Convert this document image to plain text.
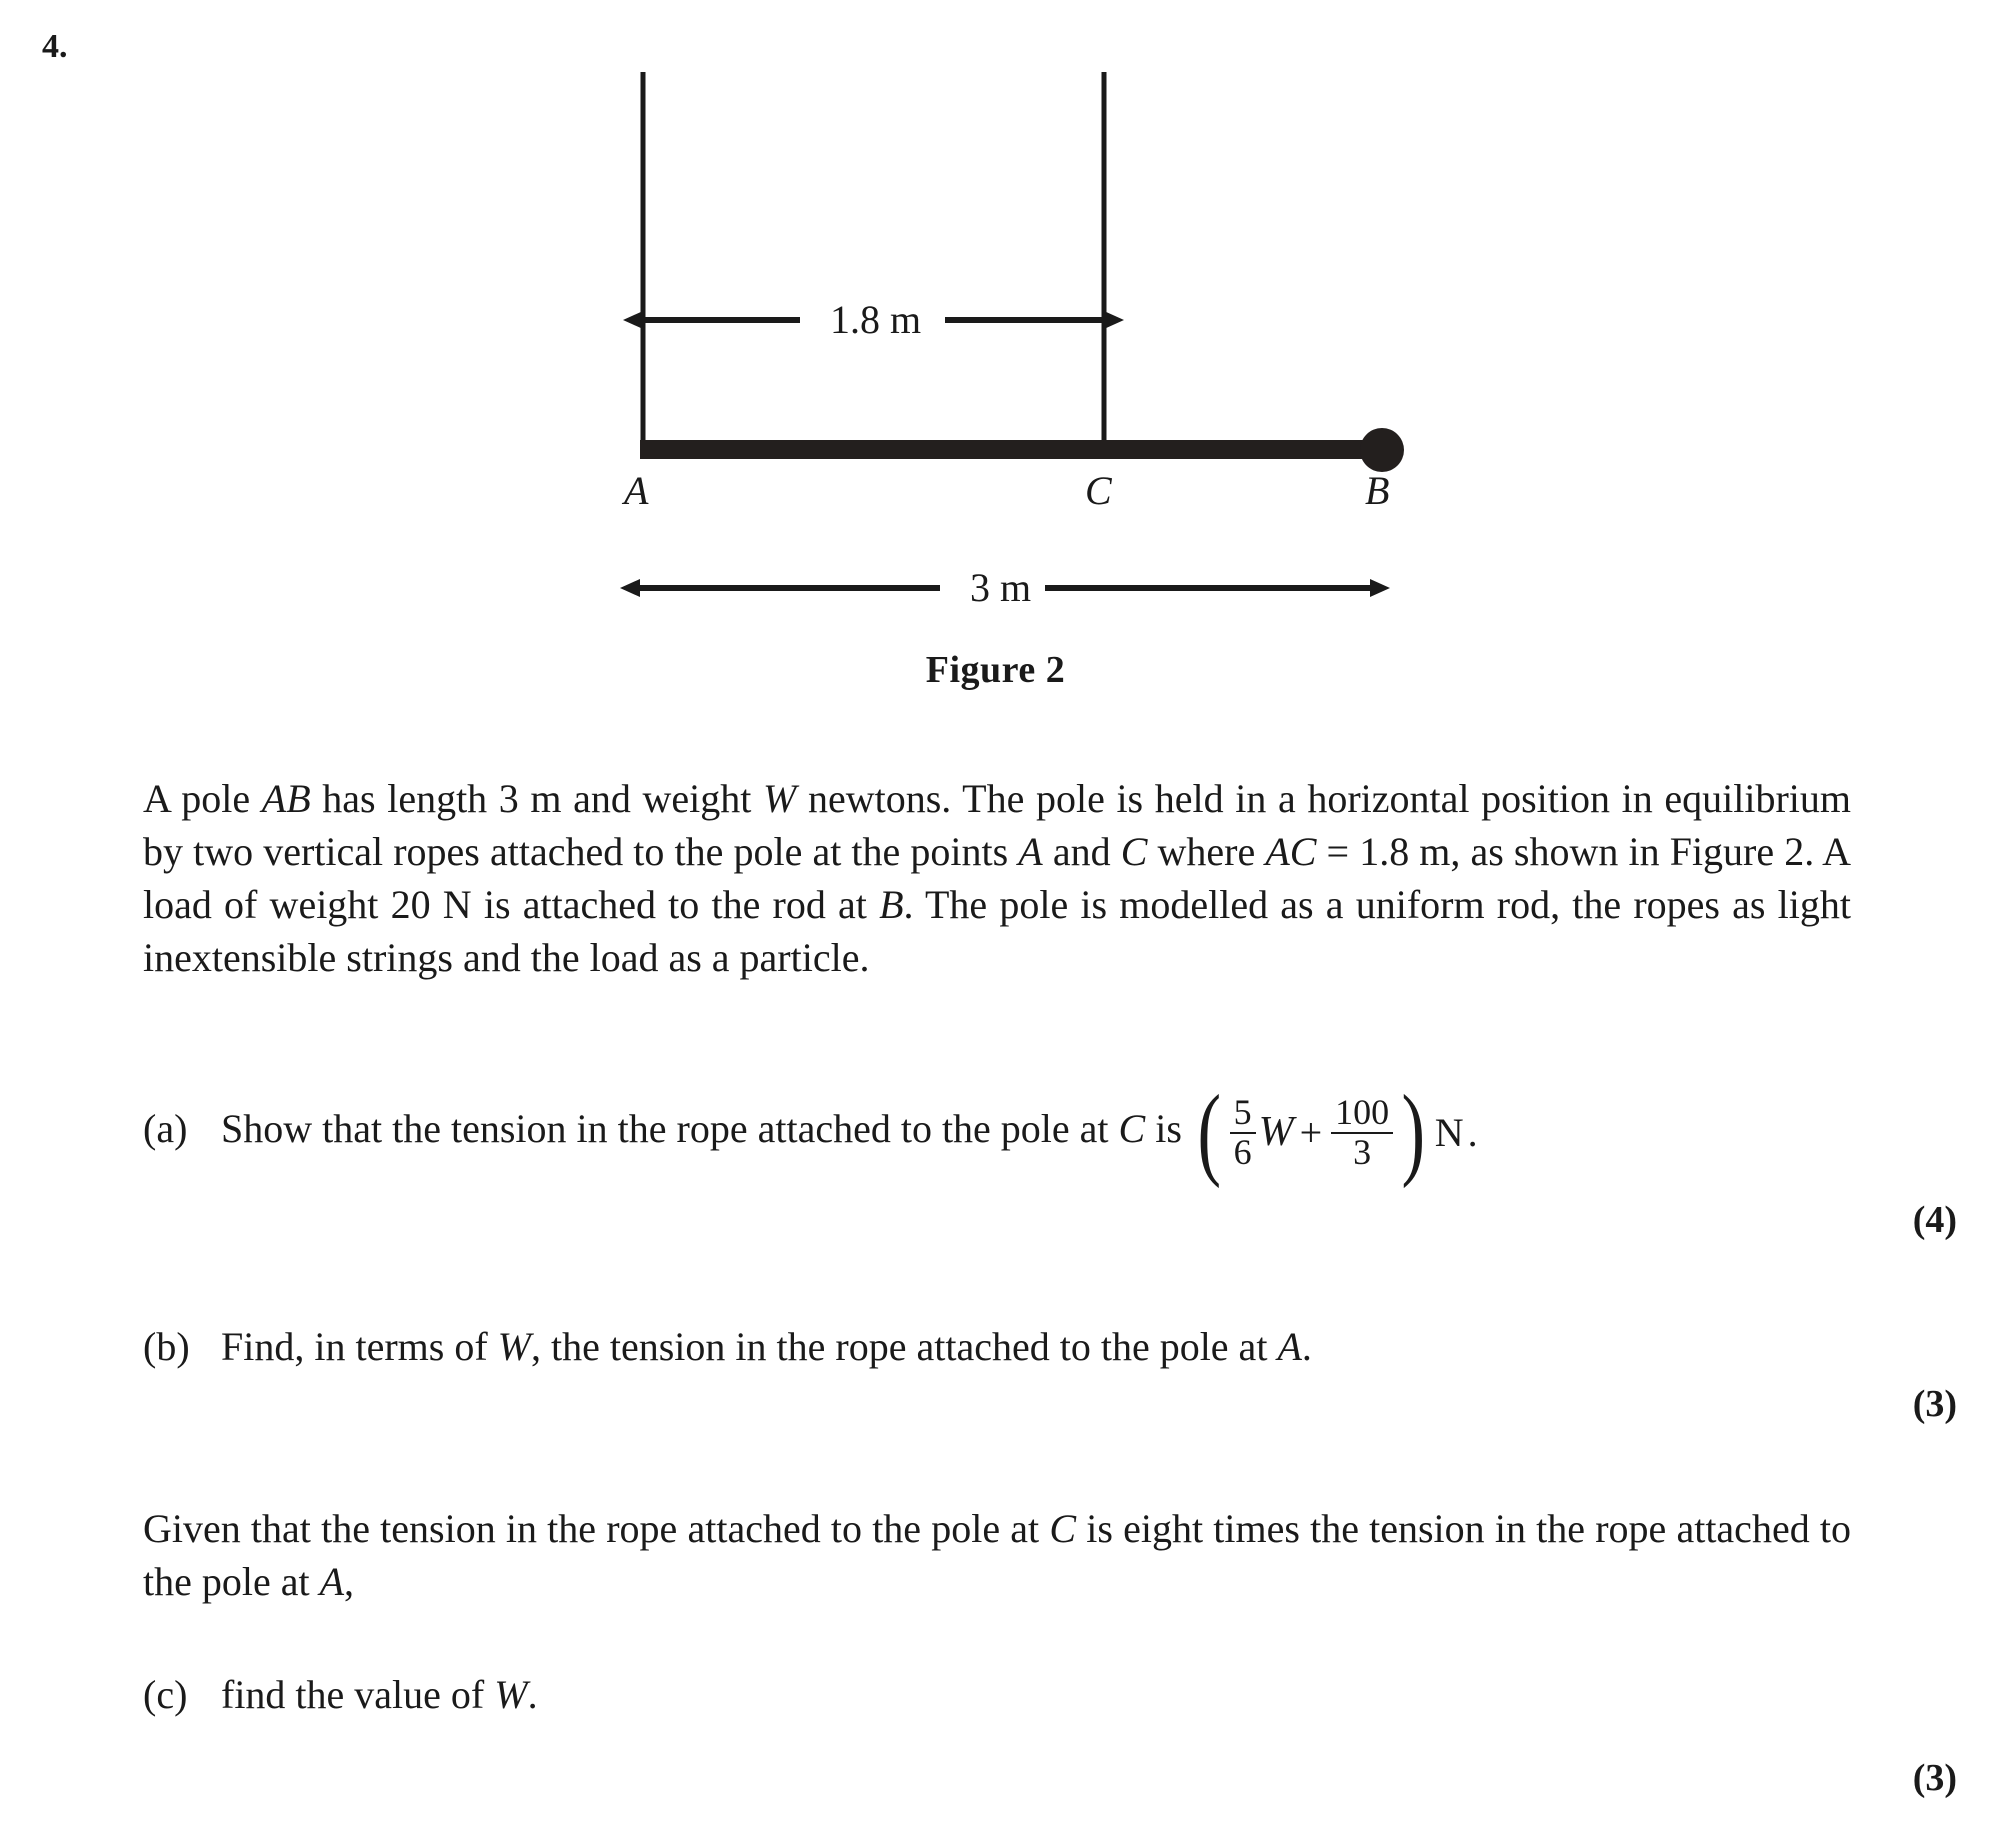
4.
1.8 m
3 m
A	C	B
Figure 2
A pole AB has length 3 m and weight W newtons. The pole is held in a horizontal position in equilibrium by two vertical ropes attached to the pole at the points A and C where AC = 1.8 m, as shown in Figure 2. A load of weight 20 N is attached to the rod at B. The pole is modelled as a uniform rod, the ropes as light inextensible strings and the load as a particle.
(a) Show that the tension in the rope attached to the pole at C is ( $\frac{5}{6}$ $W + \frac{100}{3}$ ) N .
(4)
(b) Find, in terms of W, the tension in the rope attached to the pole at A.
(3)
Given that the tension in the rope attached to the pole at C is eight times the tension in the rope attached to the pole at A,
(c) find the value of W.
(3)
